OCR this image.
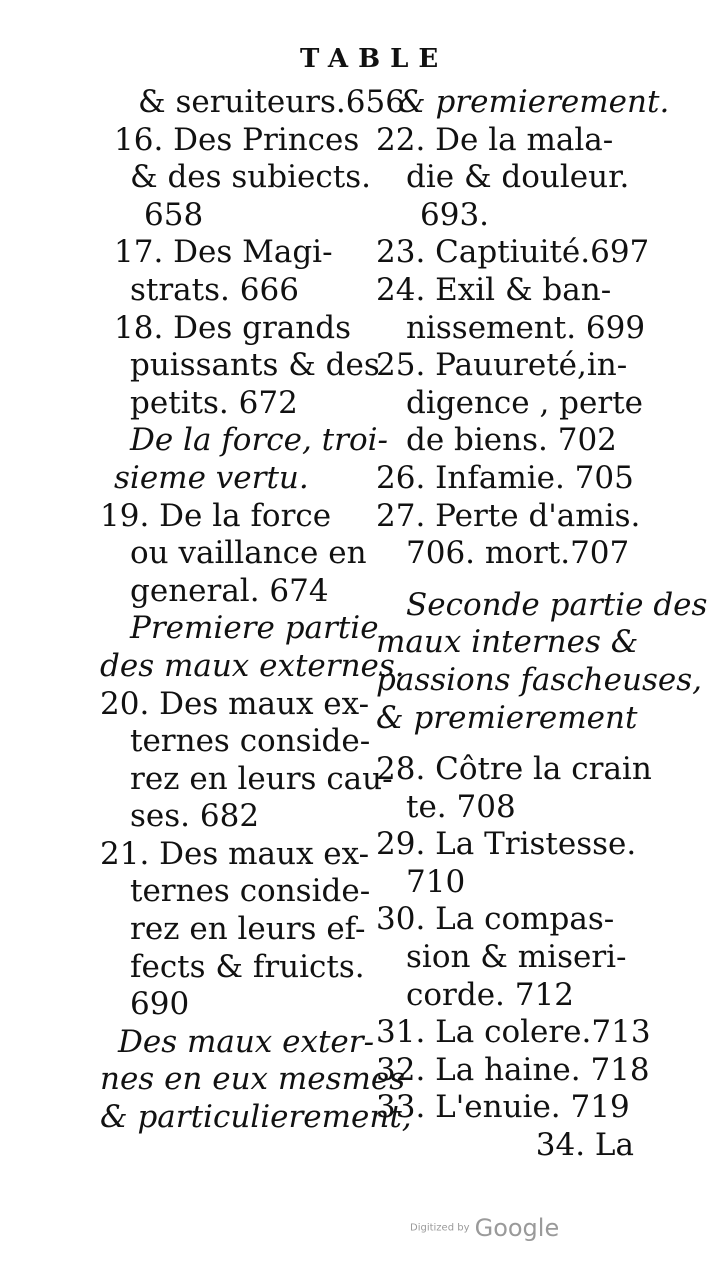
TABLE
& seruiteurs.656
16. Des Princes
& des subiects.
658
17. Des Magi-
strats. 666
18. Des grands
puissants & des
petits. 672
De la force, troi-
sieme vertu.
19. De la force
ou vaillance en
general. 674
Premiere partie
des maux externes.
20. Des maux ex-
ternes conside-
rez en leurs cau-
ses. 682
21. Des maux ex-
ternes conside-
rez en leurs ef-
fects & fruicts.
690
Des maux exter-
nes en eux mesmes
& particulierement,
& premierement.
22. De la mala-
die & douleur.
693.
23. Captiuité.697
24. Exil & ban-
nissement. 699
25. Pauureté,in-
digence , perte
de biens. 702
26. Infamie. 705
27. Perte d'amis.
706. mort.707
Seconde partie des
maux internes &
passions fascheuses,
& premierement
28. Côtre la crain
te. 708
29. La Tristesse.
710
30. La compas-
sion & miseri-
corde. 712
31. La colere.713
32. La haine. 718
33. L'enuie. 719
34. La
Digitized by Google
